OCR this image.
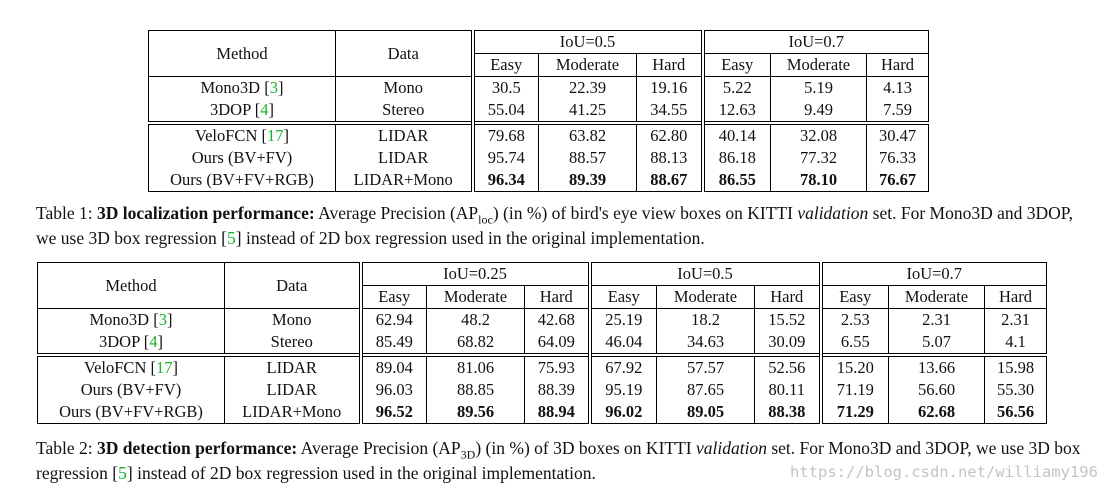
Method	Data	IoU=0.5			IoU=0.7		
		Easy	Moderate	Hard	Easy	Moderate	Hard
Mono3D [3]	Mono	30.5	22.39	19.16	5.22	5.19	4.13
3DOP [4]	Stereo	55.04	41.25	34.55	12.63	9.49	7.59
VeloFCN [17]	LIDAR	79.68	63.82	62.80	40.14	32.08	30.47
Ours (BV+FV)	LIDAR	95.74	88.57	88.13	86.18	77.32	76.33
Ours (BV+FV+RGB)	LIDAR+Mono	96.34	89.39	88.67	86.55	78.10	76.67
Table 1: 3D localization performance: Average Precision $(AP_{loc})$ (in %) of bird's eye view boxes on KITTI validation set. For Mono3D and 3DOP, we use 3D box regression [5] instead of 2D box regression used in the original implementation.
Method	Data	IoU=0.25			IoU=0.5			IoU=0.7		
		Easy	Moderate	Hard	Easy	Moderate	Hard	Easy	Moderate	Hard
Mono3D [3]	Mono	62.94	48.2	42.68	25.19	18.2	15.52	2.53	2.31	2.31
3DOP [4]	Stereo	85.49	68.82	64.09	46.04	34.63	30.09	6.55	5.07	4.1
VeloFCN [17]	LIDAR	89.04	81.06	75.93	67.92	57.57	52.56	15.20	13.66	15.98
Ours (BV+FV)	LIDAR	96.03	88.85	88.39	95.19	87.65	80.11	71.19	56.60	55.30
Ours (BV+FV+RGB)	LIDAR+Mono	96.52	89.56	88.94	96.02	89.05	88.38	71.29	62.68	56.56
Table 2: 3D detection performance: Average Precision $(AP_{3D})$ (in %) of 3D boxes on KITTI validation set. For Mono3D and 3DOP, we use 3D box regression [5] instead of 2D box regression used in the original implementation.	https://blog.csdn.net/williamy196
